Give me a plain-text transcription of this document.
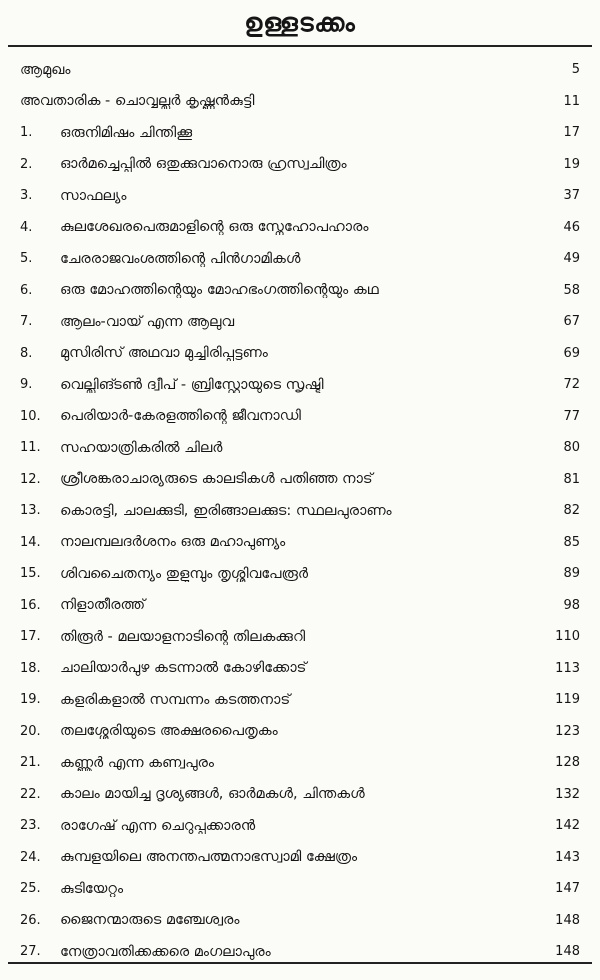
ഉള്ളടക്കം
ആമുഖം	5
അവതാരിക - ചൊവ്വല്ലൂർ കൃഷ്ണൻകുട്ടി	11
1.	ഒരുനിമിഷം ചിന്തിക്കൂ	17
2.	ഓർമച്ചെപ്പിൽ ഒതുക്കുവാനൊരു ഹ്രസ്വചിത്രം	19
3.	സാഫല്യം	37
4.	കുലശേഖരപെരുമാളിന്റെ ഒരു സ്നേഹോപഹാരം	46
5.	ചേരരാജവംശത്തിന്റെ പിൻഗാമികൾ	49
6.	ഒരു മോഹത്തിന്റെയും മോഹഭംഗത്തിന്റെയും കഥ	58
7.	ആലം-വായ് എന്ന ആലുവ	67
8.	മുസിരിസ് അഥവാ മുച്ചിരിപ്പട്ടണം	69
9.	വെല്ലിങ്ടൺ ദ്വീപ് - ബ്രിസ്റ്റോയുടെ സൃഷ്ടി	72
10.	പെരിയാർ-കേരളത്തിന്റെ ജീവനാഡി	77
11.	സഹയാത്രികരിൽ ചിലർ	80
12.	ശ്രീശങ്കരാചാര്യരുടെ കാലടികൾ പതിഞ്ഞ നാട്	81
13.	കൊരട്ടി, ചാലക്കുടി, ഇരിങ്ങാലക്കുട: സ്ഥലപുരാണം	82
14.	നാലമ്പലദർശനം ഒരു മഹാപുണ്യം	85
15.	ശിവചൈതന്യം തുളുമ്പും തൃശ്ശിവപേരൂർ	89
16.	നിളാതീരത്ത്	98
17.	തിരൂർ - മലയാളനാടിന്റെ തിലകക്കുറി	110
18.	ചാലിയാർപുഴ കടന്നാൽ കോഴിക്കോട്	113
19.	കളരികളാൽ സമ്പന്നം കടത്തനാട്	119
20.	തലശ്ശേരിയുടെ അക്ഷരപൈതൃകം	123
21.	കണ്ണൂർ എന്ന കണ്വപുരം	128
22.	കാലം മായിച്ച ദൃശ്യങ്ങൾ, ഓർമകൾ, ചിന്തകൾ	132
23.	രാഗേഷ് എന്ന ചെറുപ്പക്കാരൻ	142
24.	കുമ്പളയിലെ അനന്തപത്മനാഭസ്വാമി ക്ഷേത്രം	143
25.	കുടിയേറ്റം	147
26.	ജൈനന്മാരുടെ മഞ്ചേശ്വരം	148
27.	നേത്രാവതിക്കക്കരെ മംഗലാപുരം	148
